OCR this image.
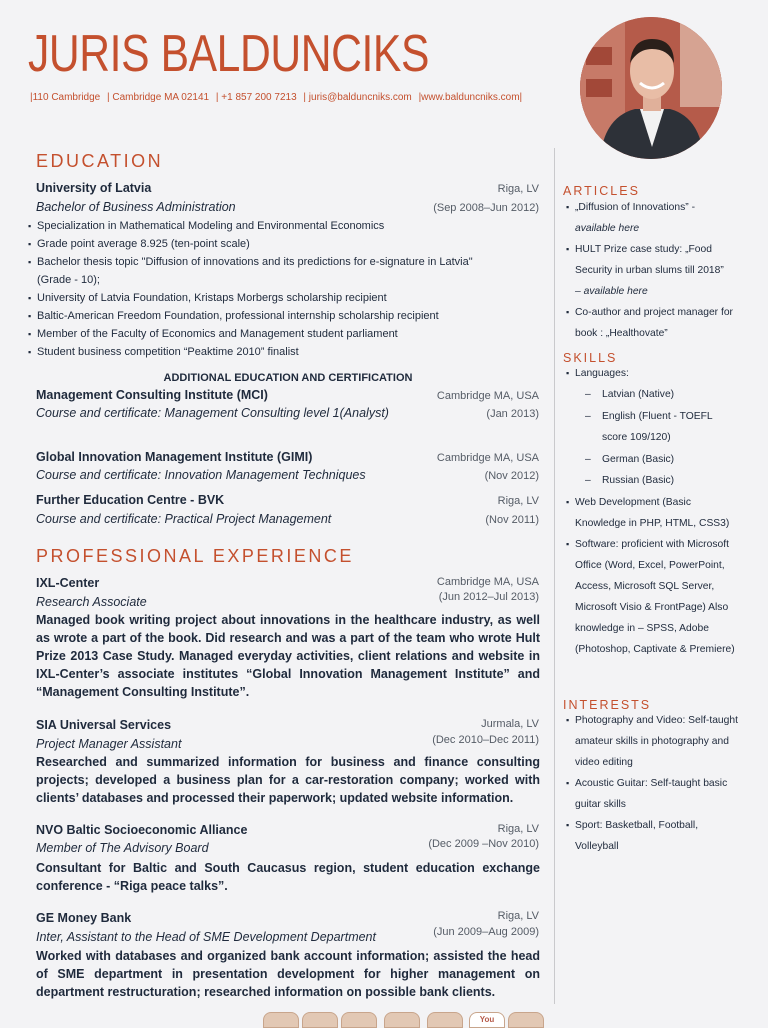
JURIS BALDUNCIKS
|110 Cambridge | Cambridge MA 02141 | +1 857 200 7213 | juris@balduncniks.com |www.balduncniks.com|
EDUCATION
University of Latvia	Riga, LV
Bachelor of Business Administration	(Sep 2008–Jun 2012)
▪ Specialization in Mathematical Modeling and Environmental Economics
▪ Grade point average 8.925 (ten-point scale)
▪ Bachelor thesis topic "Diffusion of innovations and its predictions for e-signature in Latvia"
(Grade - 10);
▪ University of Latvia Foundation, Kristaps Morbergs scholarship recipient
▪ Baltic-American Freedom Foundation, professional internship scholarship recipient
▪ Member of the Faculty of Economics and Management student parliament
▪ Student business competition “Peaktime 2010” finalist
ADDITIONAL EDUCATION AND CERTIFICATION
Management Consulting Institute (MCI)	Cambridge MA, USA
Course and certificate: Management Consulting level 1(Analyst)	(Jan 2013)
Global Innovation Management Institute (GIMI)	Cambridge MA, USA
Course and certificate: Innovation Management Techniques	(Nov 2012)
Further Education Centre - BVK	Riga, LV
Course and certificate: Practical Project Management	(Nov 2011)
PROFESSIONAL EXPERIENCE
IXL-Center	Cambridge MA, USA
Research Associate	(Jun 2012–Jul 2013)
Managed book writing project about innovations in the healthcare industry, as well as wrote a part of the book. Did research and was a part of the team who wrote Hult Prize 2013 Case Study. Managed everyday activities, client relations and website in IXL-Center’s associate institutes “Global Innovation Management Institute” and “Management Consulting Institute”.
SIA Universal Services	Jurmala, LV
Project Manager Assistant	(Dec 2010–Dec 2011)
Researched and summarized information for business and finance consulting projects; developed a business plan for a car-restoration company; worked with clients’ databases and processed their paperwork; updated website information.
NVO Baltic Socioeconomic Alliance	Riga, LV
Member of The Advisory Board	(Dec 2009 –Nov 2010)
Consultant for Baltic and South Caucasus region, student education exchange conference - “Riga peace talks”.
GE Money Bank	Riga, LV
Inter, Assistant to the Head of SME Development Department	(Jun 2009–Aug 2009)
Worked with databases and organized bank account information; assisted the head of SME department in presentation development for higher management on department restructuration; researched information on possible bank clients.
ARTICLES
▪ „Diffusion of Innovations” -
available here
▪ HULT Prize case study: „Food Security in urban slums till 2018”
– available here
▪ Co-author and project manager for book : „Healthovate”
SKILLS
▪ Languages:
– Latvian (Native)
– English (Fluent - TOEFL score 109/120)
– German (Basic)
– Russian (Basic)
▪ Web Development (Basic Knowledge in PHP, HTML, CSS3)
▪ Software: proficient with Microsoft Office (Word, Excel, PowerPoint, Access, Microsoft SQL Server, Microsoft Visio & FrontPage) Also knowledge in – SPSS, Adobe (Photoshop, Captivate & Premiere)
INTERESTS
▪ Photography and Video: Self-taught amateur skills in photography and video editing
▪ Acoustic Guitar: Self-taught basic guitar skills
▪ Sport: Basketball, Football, Volleyball
You
